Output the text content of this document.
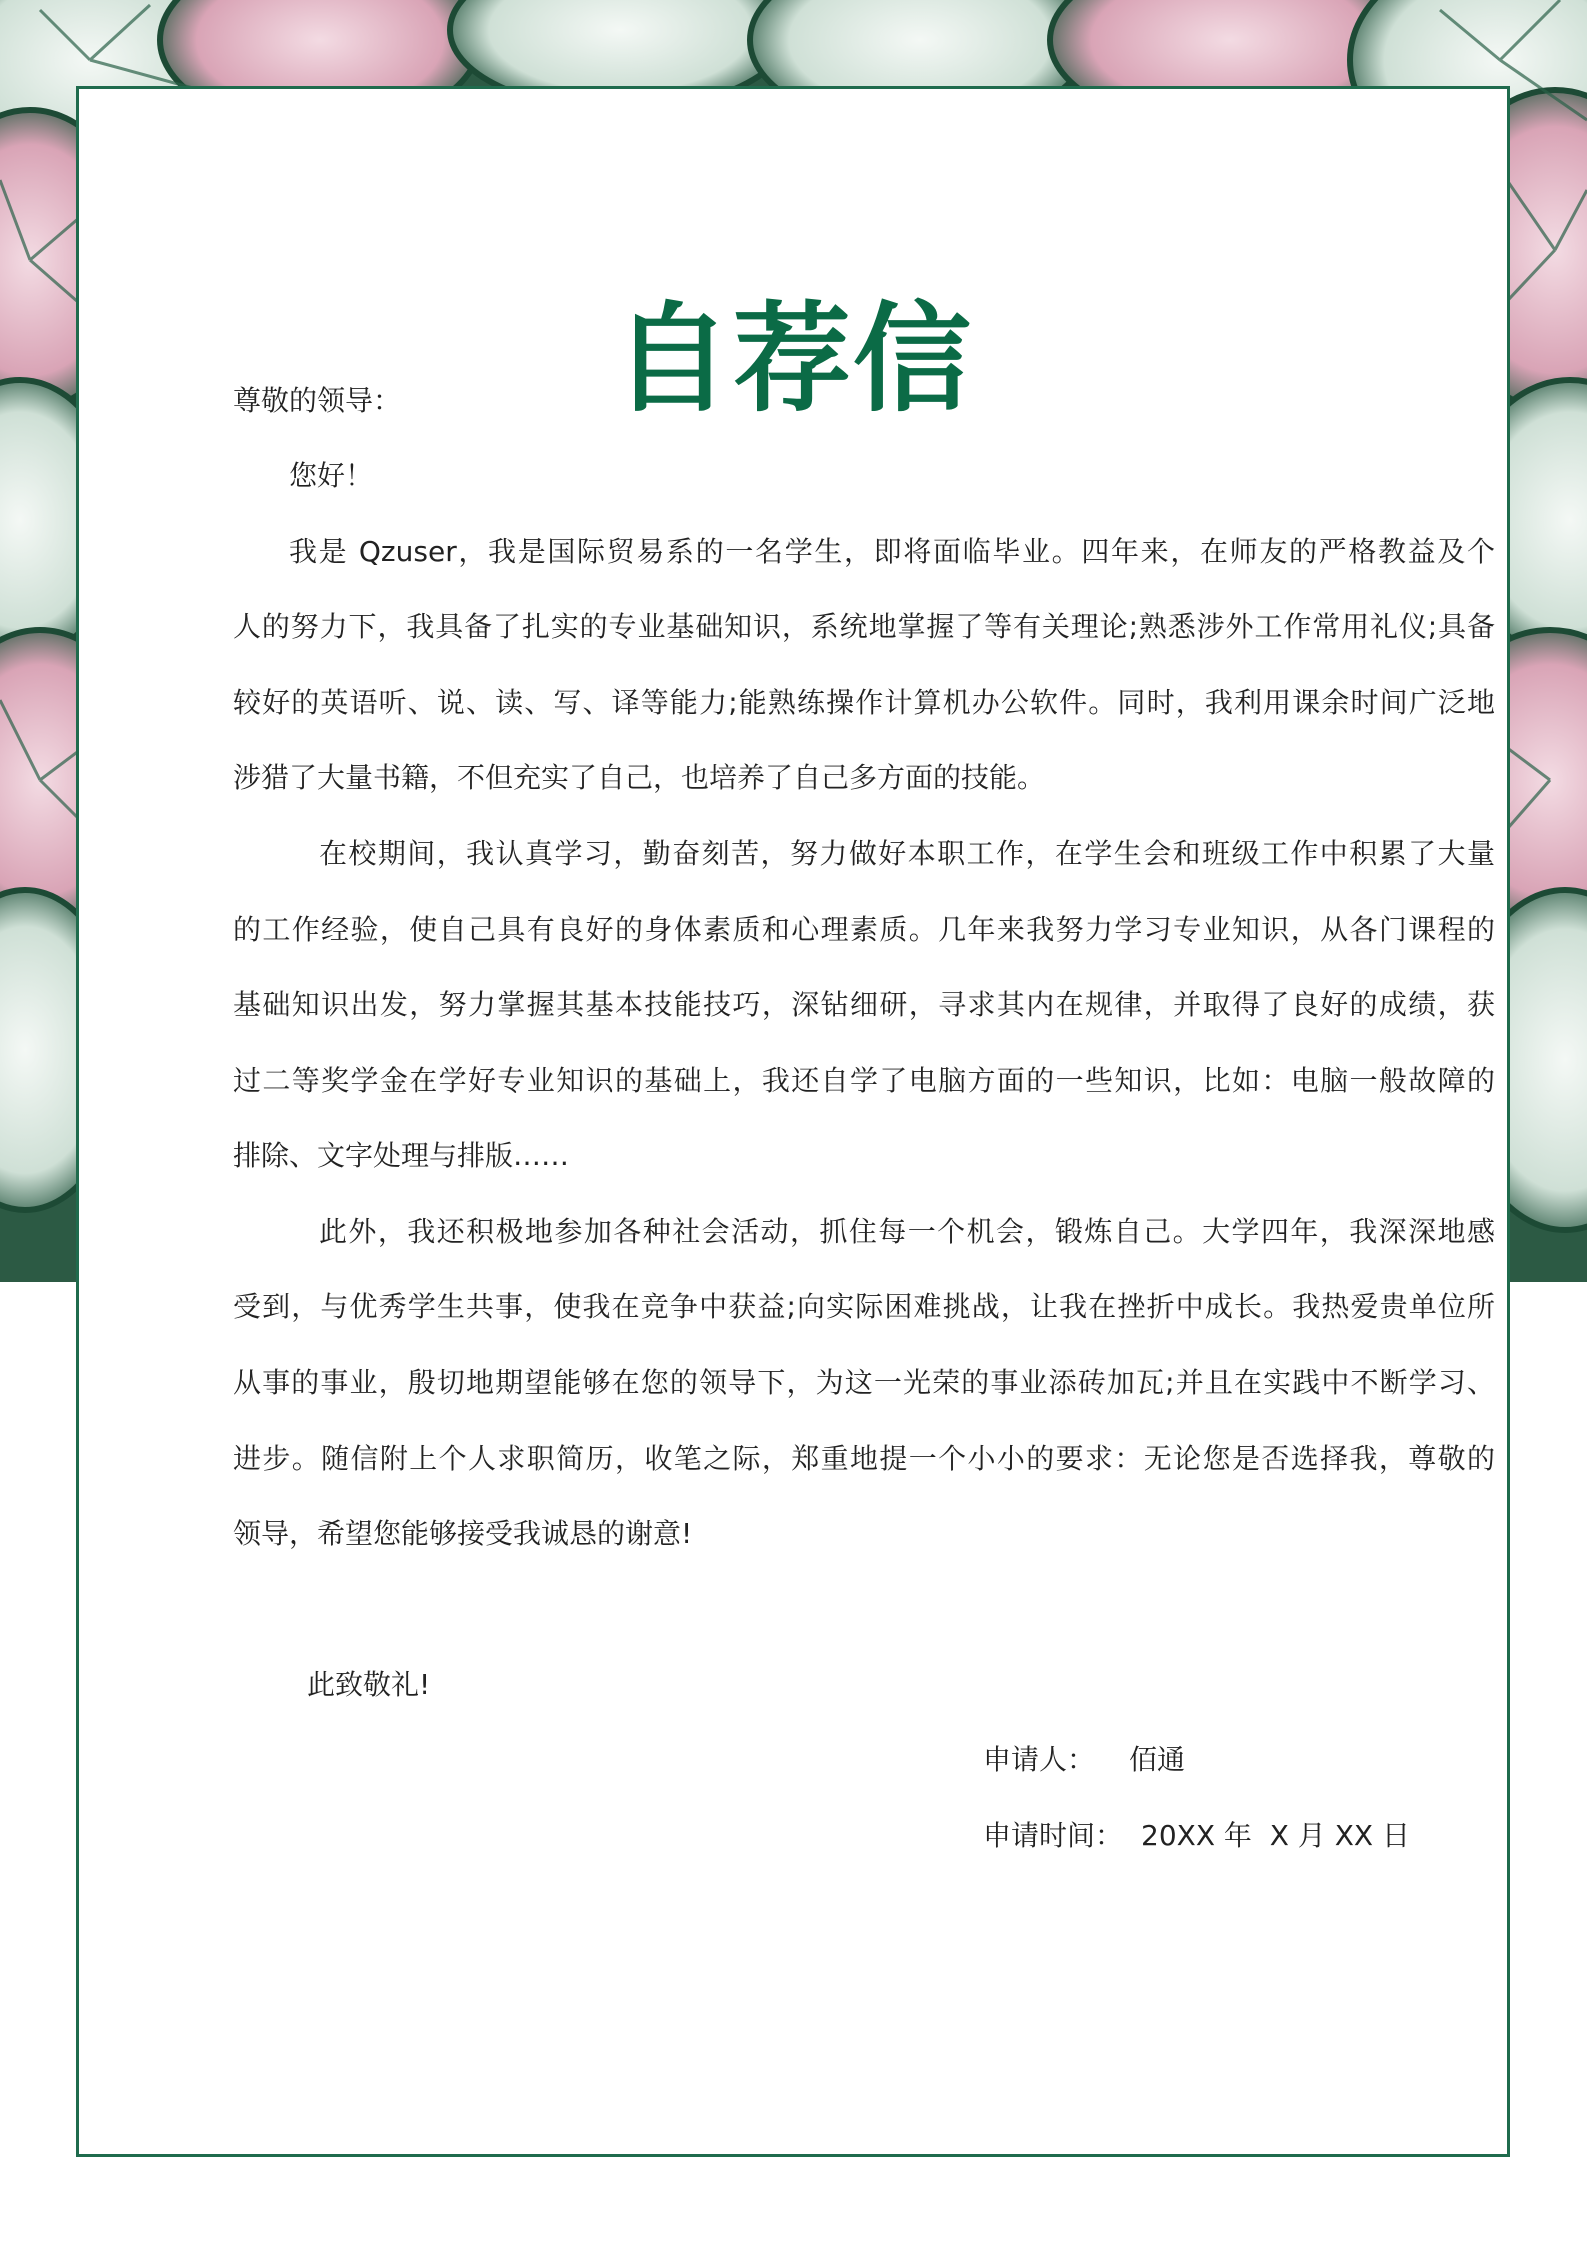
自荐信

尊敬的领导：

您好！

我是 Qzuser，我是国际贸易系的一名学生，即将面临毕业。四年来，在师友的严格教益及个

人的努力下，我具备了扎实的专业基础知识，系统地掌握了等有关理论;熟悉涉外工作常用礼仪;具备

较好的英语听、说、读、写、译等能力;能熟练操作计算机办公软件。同时，我利用课余时间广泛地

涉猎了大量书籍，不但充实了自己，也培养了自己多方面的技能。

在校期间，我认真学习，勤奋刻苦，努力做好本职工作，在学生会和班级工作中积累了大量

的工作经验，使自己具有良好的身体素质和心理素质。几年来我努力学习专业知识，从各门课程的

基础知识出发，努力掌握其基本技能技巧，深钻细研，寻求其内在规律，并取得了良好的成绩，获

过二等奖学金在学好专业知识的基础上，我还自学了电脑方面的一些知识，比如：电脑一般故障的

排除、文字处理与排版……

此外，我还积极地参加各种社会活动，抓住每一个机会，锻炼自己。大学四年，我深深地感

受到，与优秀学生共事，使我在竞争中获益;向实际困难挑战，让我在挫折中成长。我热爱贵单位所

从事的事业，殷切地期望能够在您的领导下，为这一光荣的事业添砖加瓦;并且在实践中不断学习、

进步。随信附上个人求职简历，收笔之际，郑重地提一个小小的要求：无论您是否选择我，尊敬的

领导，希望您能够接受我诚恳的谢意!

此致敬礼!

申请人： 佰通

申请时间： 20XX 年  X 月 XX 日
